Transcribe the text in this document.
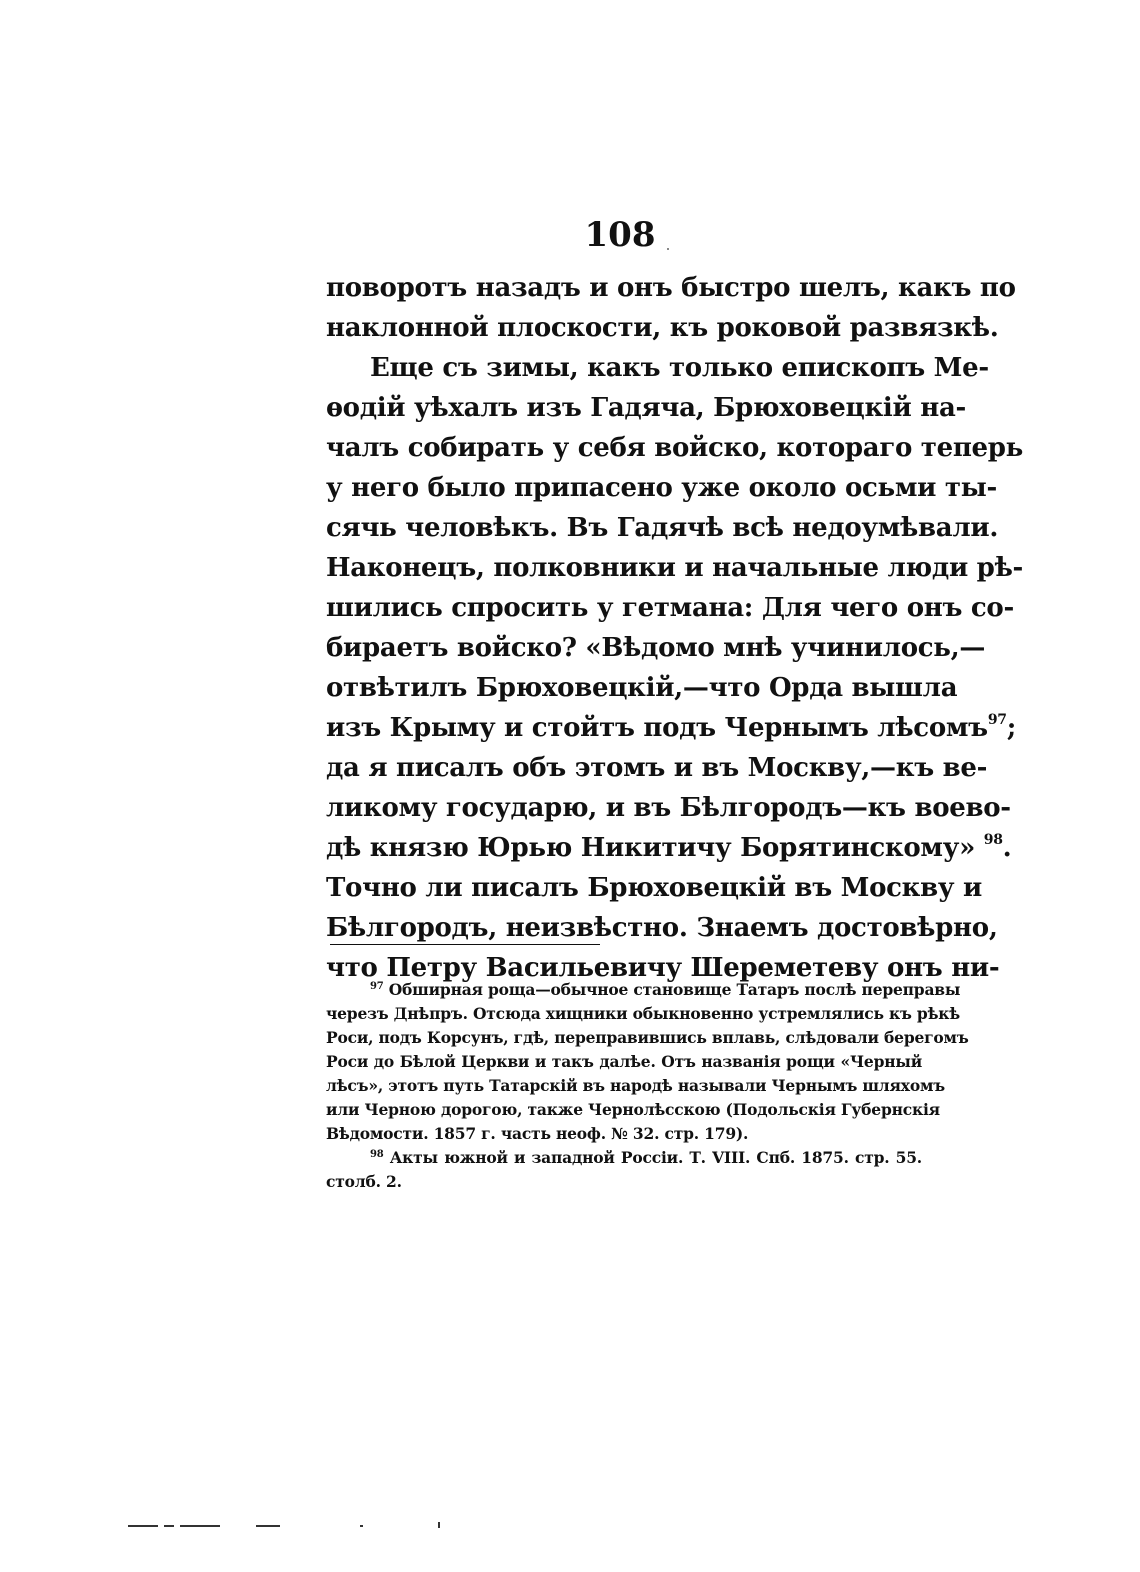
108
поворотъ назадъ и онъ быстро шелъ, какъ по
наклонной плоскости, къ роковой развязкѣ.
Еще съ зимы, какъ только епископъ Ме-
ѳодій уѣхалъ изъ Гадяча, Брюховецкій на-
чалъ собирать у себя войско, котораго теперь
у него было припасено уже около осьми ты-
сячь человѣкъ. Въ Гадячѣ всѣ недоумѣвали.
Наконецъ, полковники и начальные люди рѣ-
шились спросить у гетмана: Для чего онъ со-
бираетъ войско? «Вѣдомо мнѣ учинилось,—
отвѣтилъ Брюховецкій,—что Орда вышла
изъ Крыму и стойтъ подъ Чернымъ лѣсомъ$^{97}$;
да я писалъ объ этомъ и въ Москву,—къ ве-
ликому государю, и въ Бѣлгородъ—къ воево-
дѣ князю Юрью Никитичу Борятинскому» $^{98}$.
Точно ли писалъ Брюховецкій въ Москву и
Бѣлгородъ, неизвѣстно. Знаемъ достовѣрно,
что Петру Васильевичу Шереметеву онъ ни-
$^{97}$ Обширная роща—обычное становище Татаръ послѣ переправы
черезъ Днѣпръ. Отсюда хищники обыкновенно устремлялись къ рѣкѣ
Роси, подъ Корсунъ, гдѣ, переправившись вплавь, слѣдовали берегомъ
Роси до Бѣлой Церкви и такъ далѣе. Отъ названія рощи «Черный
лѣсъ», этотъ путь Татарскій въ народѣ называли Чернымъ шляхомъ
или Черною дорогою, также Чернолѣсскою (Подольскія Губернскія
Вѣдомости. 1857 г. часть неоф. № 32. стр. 179).
$^{98}$ Акты южной и западной Россіи. Т. VIII. Спб. 1875. стр. 55.
столб. 2.
